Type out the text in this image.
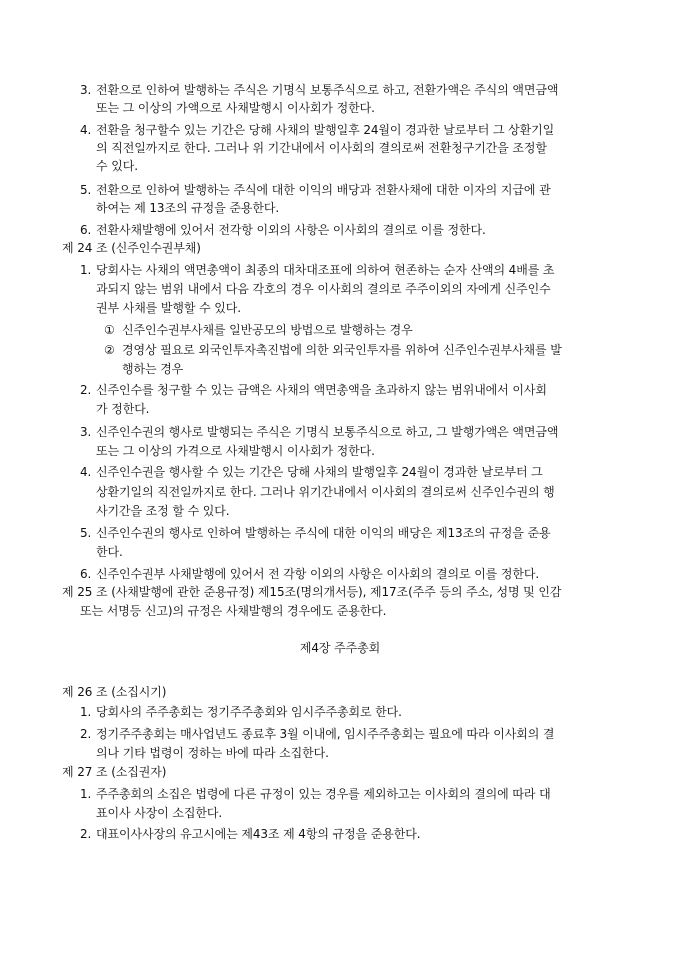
3. 전환으로 인하여 발행하는 주식은 기명식 보통주식으로 하고, 전환가액은 주식의 액면금액
또는 그 이상의 가액으로 사채발행시 이사회가 정한다.
4. 전환을 청구할수 있는 기간은 당해 사채의 발행일후 24월이 경과한 날로부터 그 상환기일
의 직전일까지로 한다. 그러나 위 기간내에서 이사회의 결의로써 전환청구기간을 조정할
수 있다.
5. 전환으로 인하여 발행하는 주식에 대한 이익의 배당과 전환사채에 대한 이자의 지급에 관
하여는 제 13조의 규정을 준용한다.
6. 전환사채발행에 있어서 전각항 이외의 사항은 이사회의 결의로 이를 정한다.
제 24 조 (신주인수권부채)
1. 당회사는 사채의 액면총액이 최종의 대차대조표에 의하여 현존하는 순자 산액의 4배를 초
과되지 않는 범위 내에서 다음 각호의 경우 이사회의 결의로 주주이외의 자에게 신주인수
권부 사채를 발행할 수 있다.
① 신주인수권부사채를 일반공모의 방법으로 발행하는 경우
② 경영상 필요로 외국인투자촉진법에 의한 외국인투자를 위하여 신주인수권부사채를 발
행하는 경우
2. 신주인수를 청구할 수 있는 금액은 사채의 액면총액을 초과하지 않는 범위내에서 이사회
가 정한다.
3. 신주인수권의 행사로 발행되는 주식은 기명식 보통주식으로 하고, 그 발행가액은 액면금액
또는 그 이상의 가격으로 사채발행시 이사회가 정한다.
4. 신주인수권을 행사할 수 있는 기간은 당해 사채의 발행일후 24월이 경과한 날로부터 그
상환기일의 직전일까지로 한다. 그러나 위기간내에서 이사회의 결의로써 신주인수권의 행
사기간을 조정 할 수 있다.
5. 신주인수권의 행사로 인하여 발행하는 주식에 대한 이익의 배당은 제13조의 규정을 준용
한다.
6. 신주인수권부 사채발행에 있어서 전 각항 이외의 사항은 이사회의 결의로 이를 정한다.
제 25 조 (사채발행에 관한 준용규정) 제15조(명의개서등), 제17조(주주 등의 주소, 성명 및 인감
또는 서명등 신고)의 규정은 사채발행의 경우에도 준용한다.
제4장 주주총회
제 26 조 (소집시기)
1. 당회사의 주주총회는 정기주주총회와 임시주주총회로 한다.
2. 정기주주총회는 매사업년도 종료후 3월 이내에, 임시주주총회는 필요에 따라 이사회의 결
의나 기타 법령이 정하는 바에 따라 소집한다.
제 27 조 (소집권자)
1. 주주총회의 소집은 법령에 다른 규정이 있는 경우를 제외하고는 이사회의 결의에 따라 대
표이사 사장이 소집한다.
2. 대표이사사장의 유고시에는 제43조 제 4항의 규정을 준용한다.
